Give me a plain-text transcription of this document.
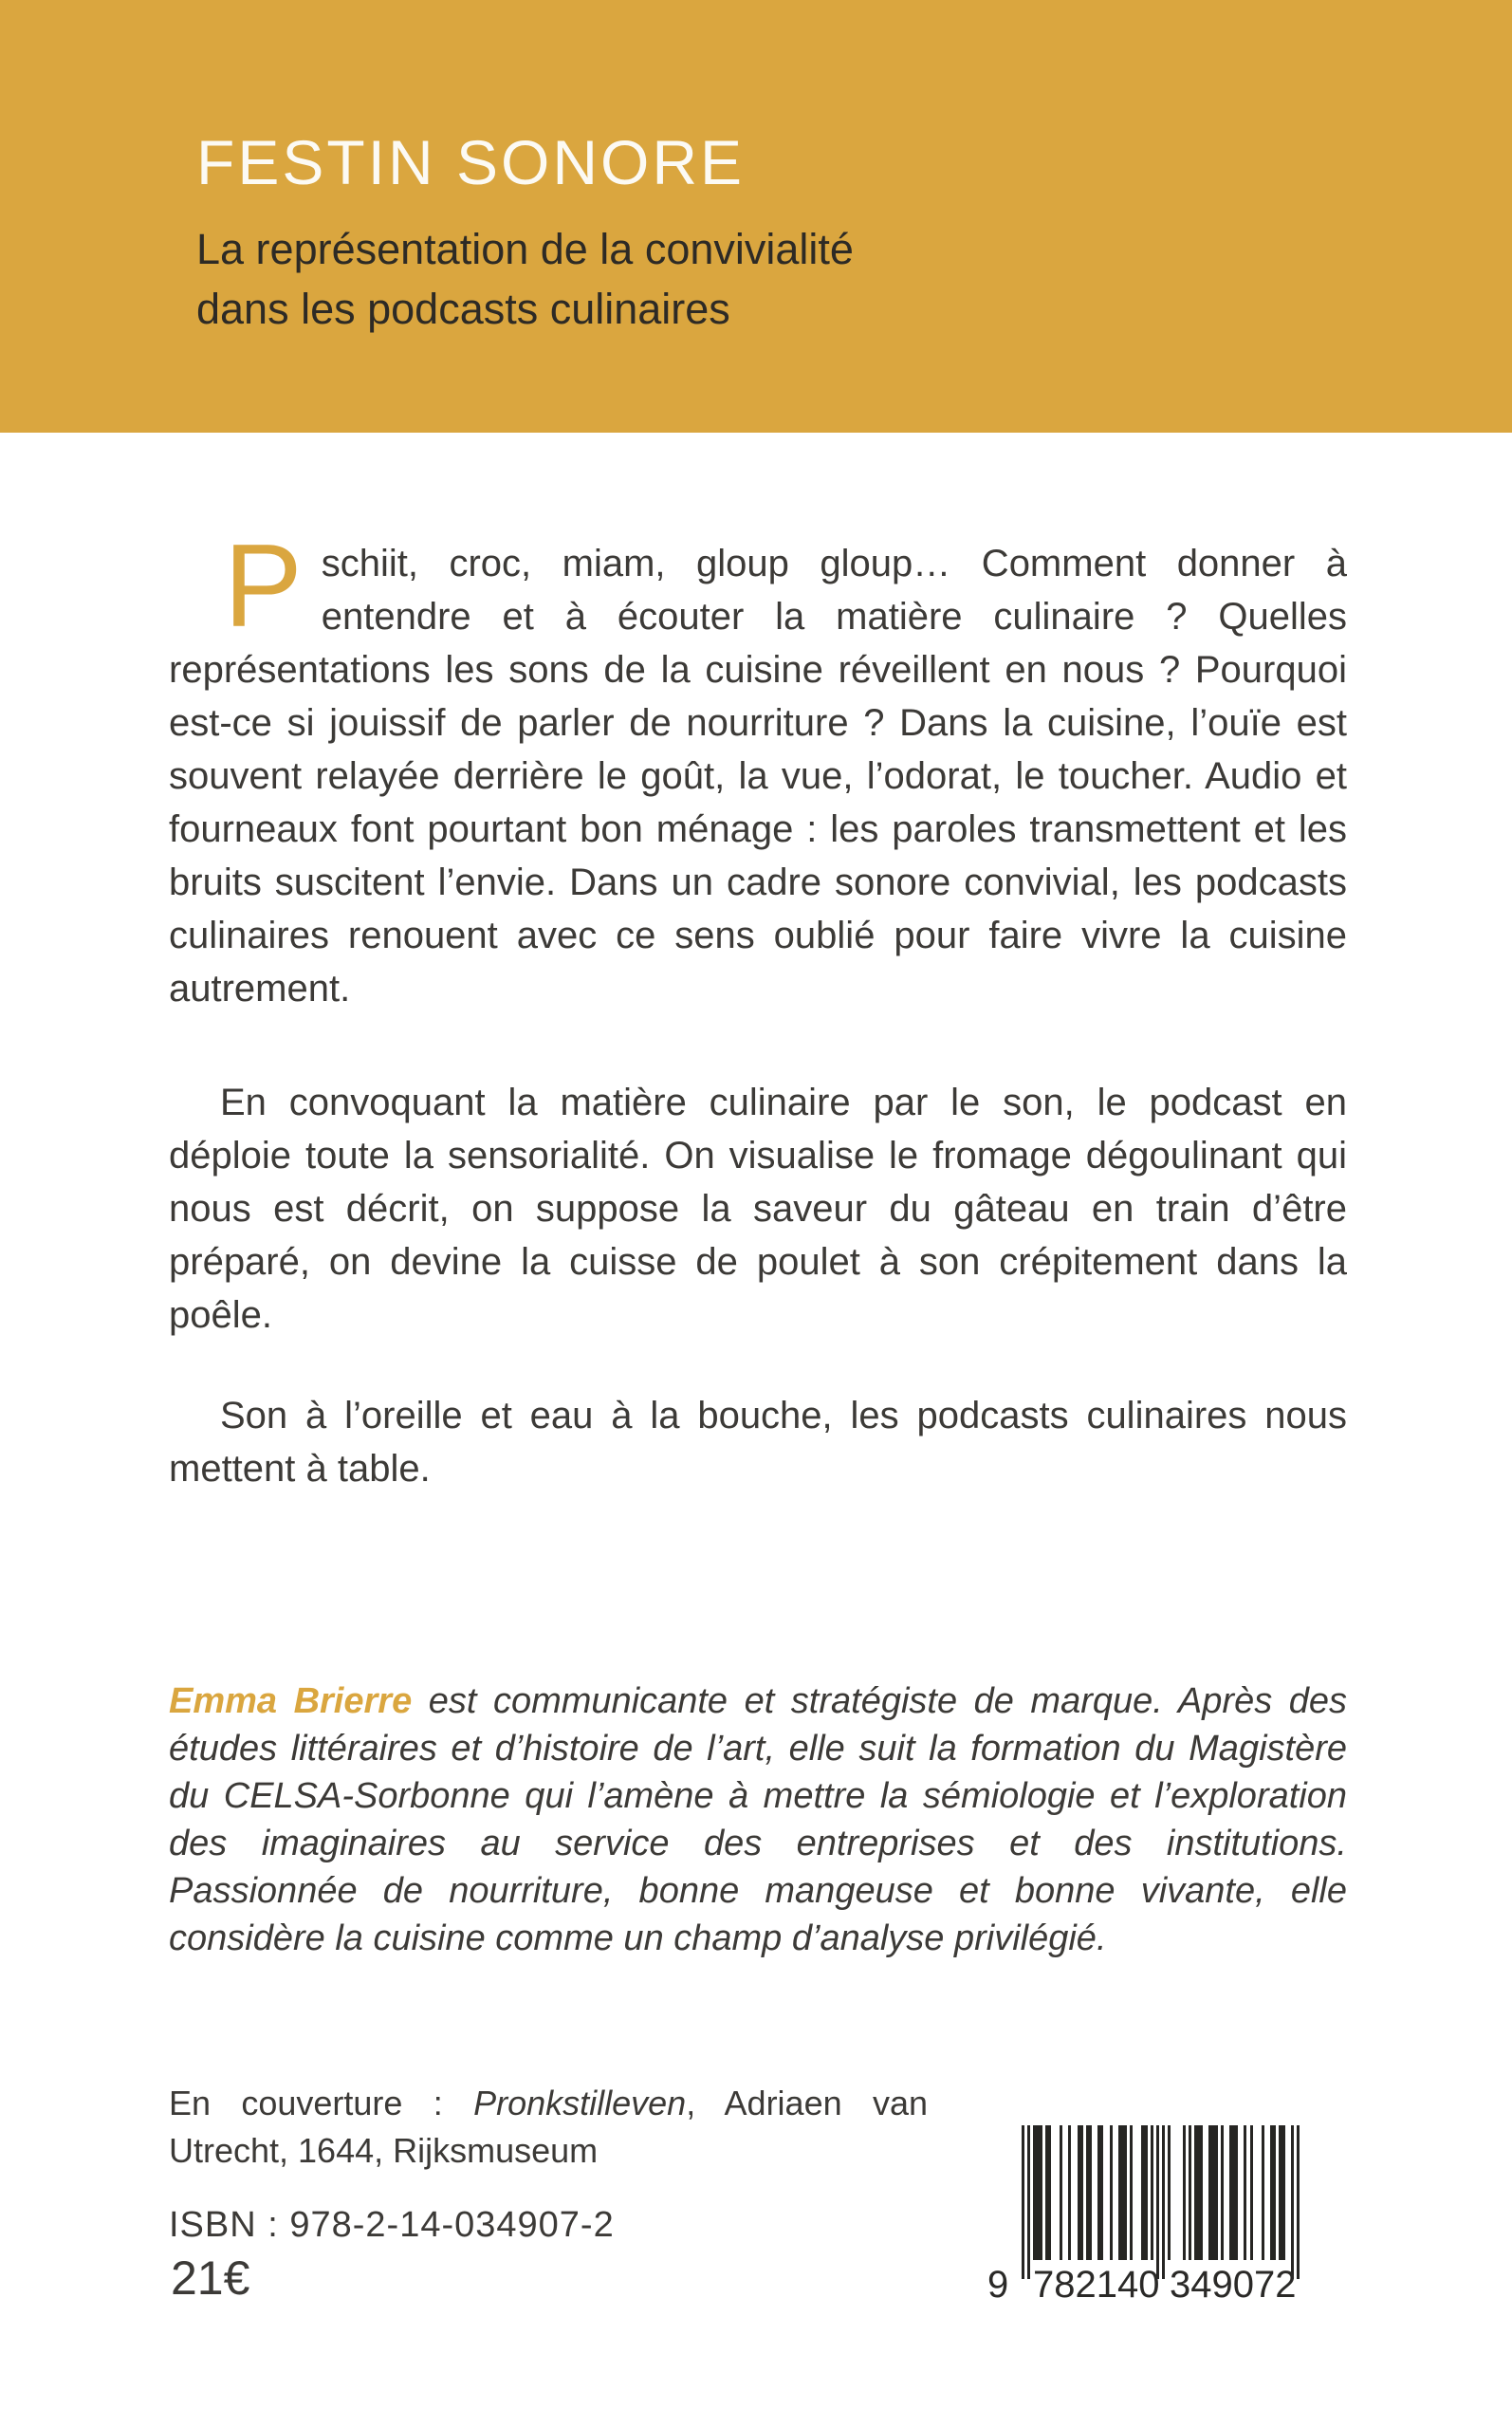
FESTIN SONORE
La représentation de la convivialité
dans les podcasts culinaires

Pschiit, croc, miam, gloup gloup… Comment donner à entendre et à écouter la matière culinaire ? Quelles représentations les sons de la cuisine réveillent en nous ? Pourquoi est-ce si jouissif de parler de nourriture ? Dans la cuisine, l’ouïe est souvent relayée derrière le goût, la vue, l’odorat, le toucher. Audio et fourneaux font pourtant bon ménage : les paroles transmettent et les bruits suscitent l’envie. Dans un cadre sonore convivial, les podcasts culinaires renouent avec ce sens oublié pour faire vivre la cuisine autrement.

En convoquant la matière culinaire par le son, le podcast en déploie toute la sensorialité. On visualise le fromage dégoulinant qui nous est décrit, on suppose la saveur du gâteau en train d’être préparé, on devine la cuisse de poulet à son crépitement dans la poêle.

Son à l’oreille et eau à la bouche, les podcasts culinaires nous mettent à table.

Emma Brierre est communicante et stratégiste de marque. Après des études littéraires et d’histoire de l’art, elle suit la formation du Magistère du CELSA-Sorbonne qui l’amène à mettre la sémiologie et l’exploration des imaginaires au service des entreprises et des institutions. Passionnée de nourriture, bonne mangeuse et bonne vivante, elle considère la cuisine comme un champ d’analyse privilégié.
En couverture : Pronkstilleven, Adriaen van Utrecht, 1644, Rijksmuseum
ISBN : 978-2-14-034907-2
21€	9 7 8 2 1 4 0 3 4 9 0 7 2
